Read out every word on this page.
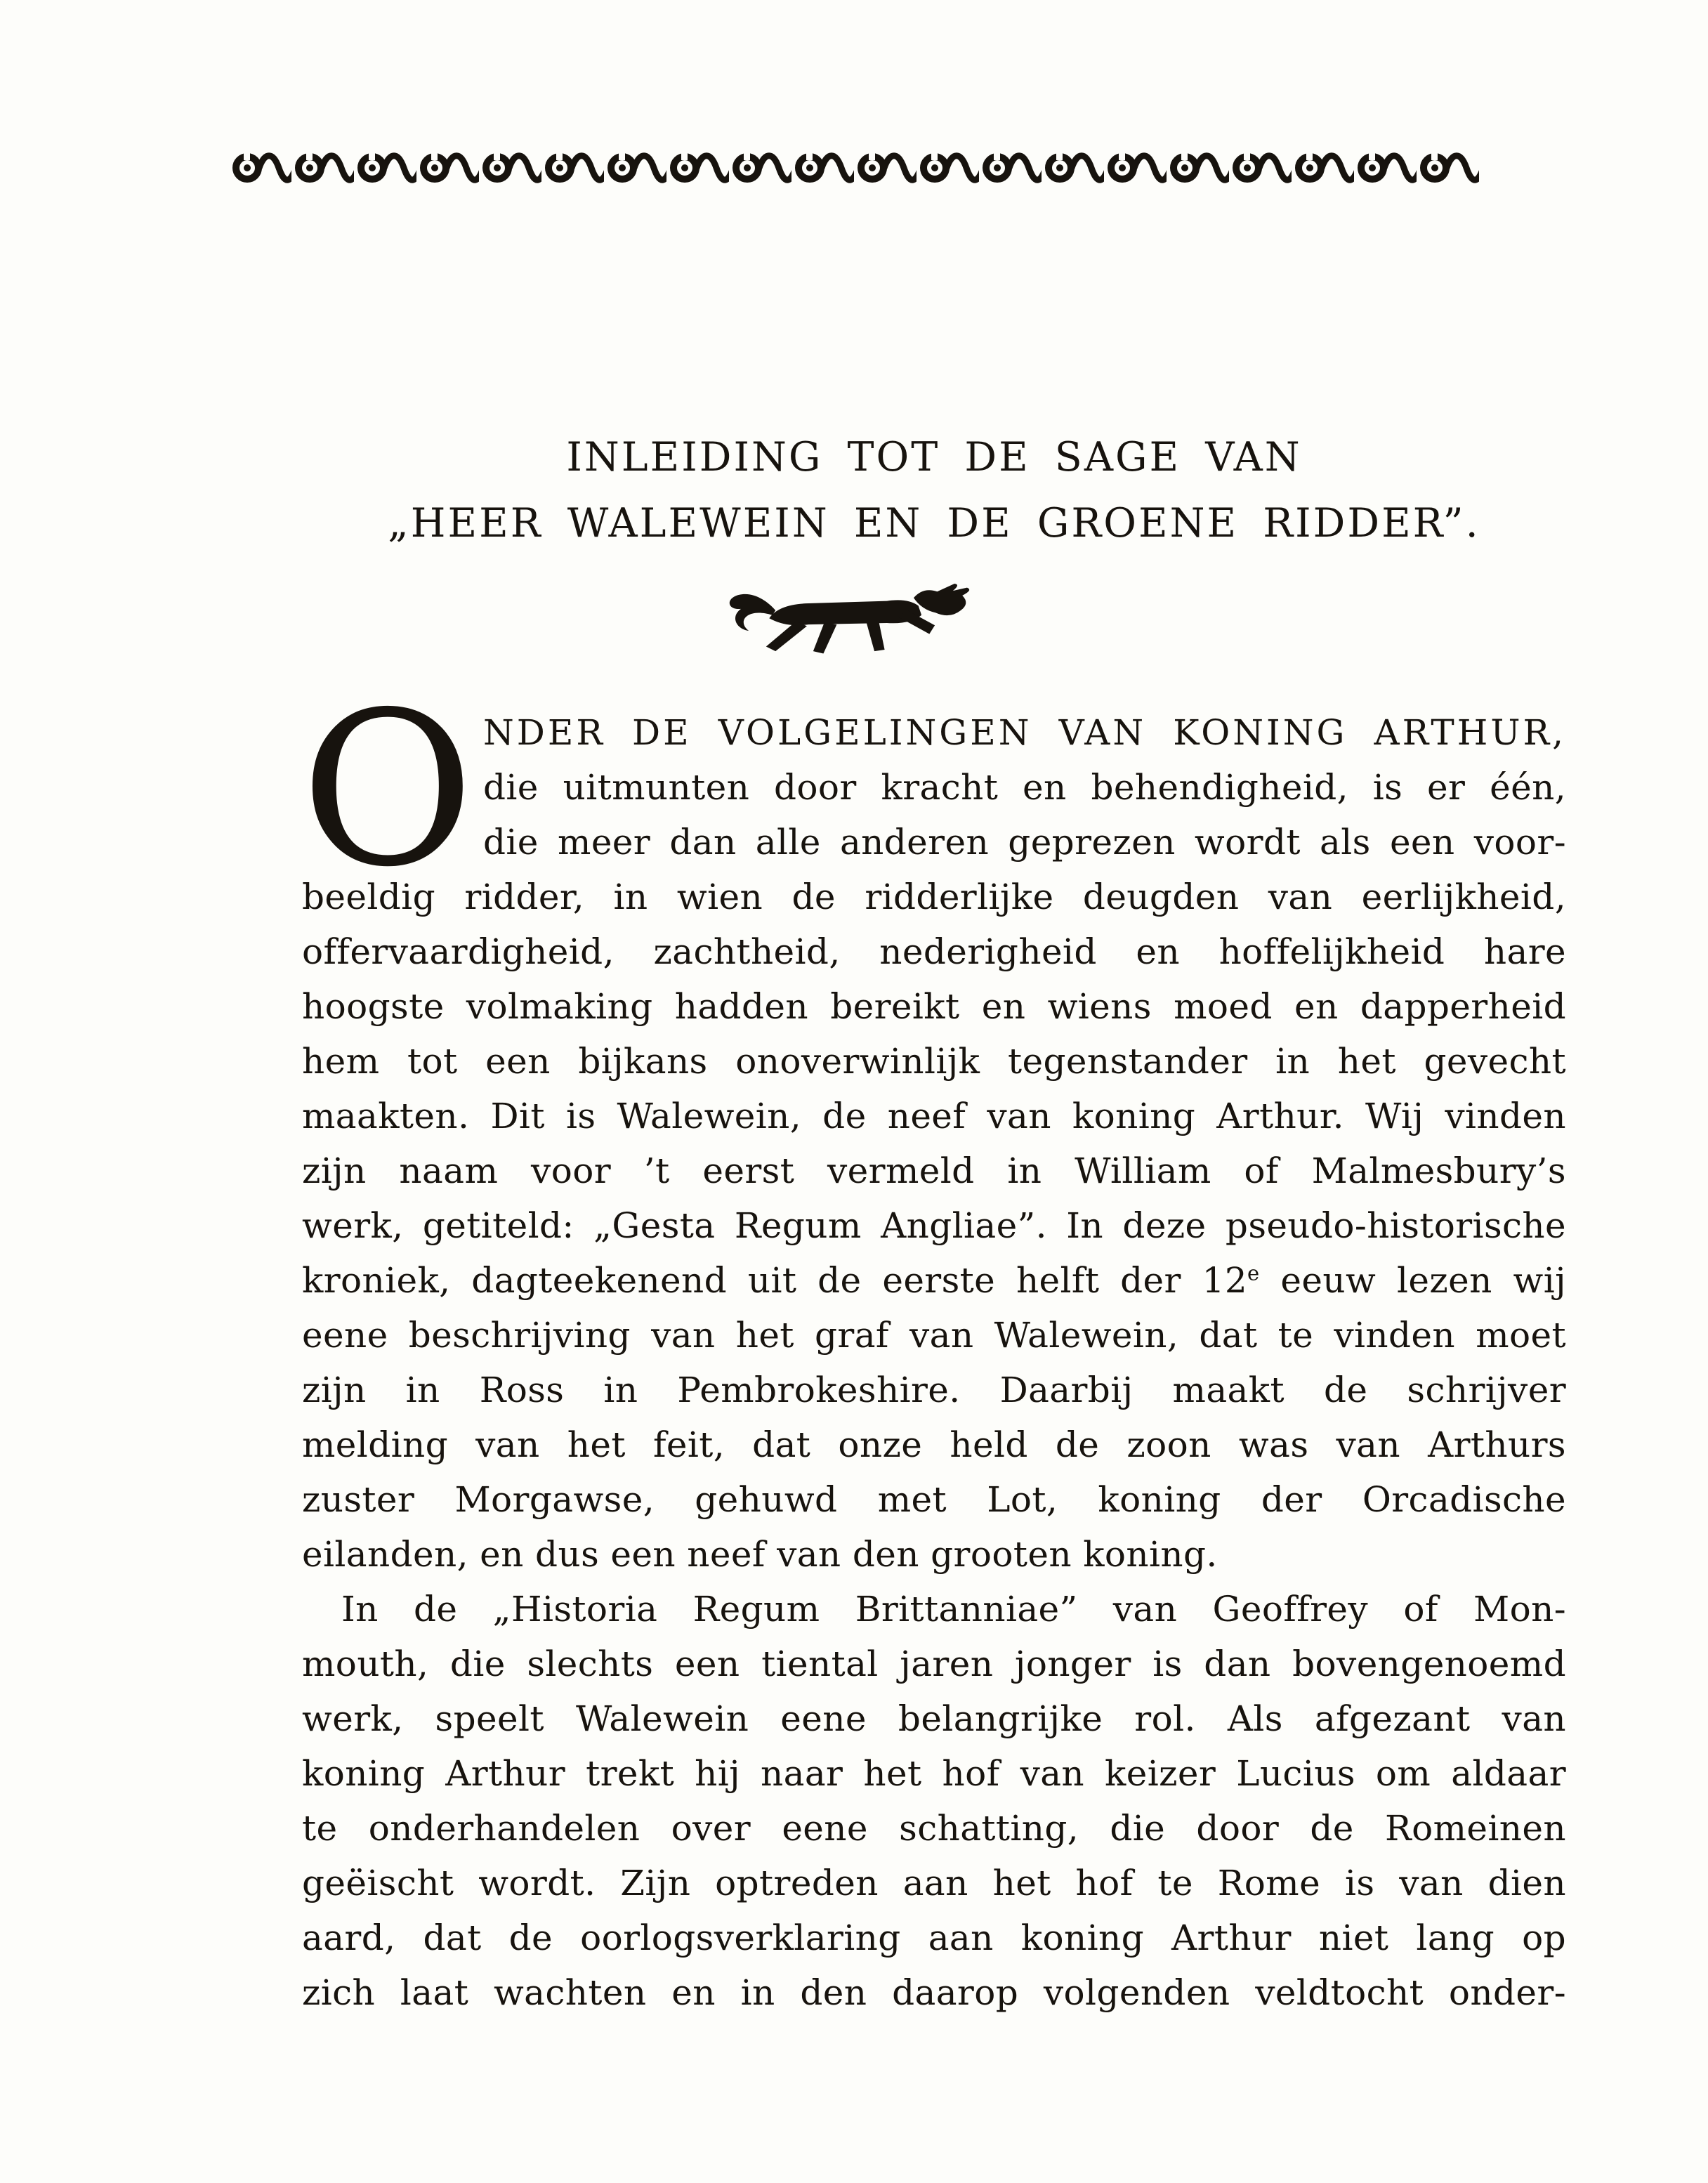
INLEIDING TOT DE SAGE VAN
„HEER WALEWEIN EN DE GROENE RIDDER”.
O NDER DE VOLGELINGEN VAN KONING ARTHUR,
die uitmunten door kracht en behendigheid, is er één,
die meer dan alle anderen geprezen wordt als een voor-
beeldig ridder, in wien de ridderlijke deugden van eerlijkheid,
offervaardigheid, zachtheid, nederigheid en hoffelijkheid hare
hoogste volmaking hadden bereikt en wiens moed en dapperheid
hem tot een bijkans onoverwinlijk tegenstander in het gevecht
maakten. Dit is Walewein, de neef van koning Arthur. Wij vinden
zijn naam voor ’t eerst vermeld in William of Malmesbury’s
werk, getiteld: „Gesta Regum Angliae”. In deze pseudo-historische
kroniek, dagteekenend uit de eerste helft der 12e eeuw lezen wij
eene beschrijving van het graf van Walewein, dat te vinden moet
zijn in Ross in Pembrokeshire. Daarbij maakt de schrijver
melding van het feit, dat onze held de zoon was van Arthurs
zuster Morgawse, gehuwd met Lot, koning der Orcadische
eilanden, en dus een neef van den grooten koning.
In de „Historia Regum Brittanniae” van Geoffrey of Mon-
mouth, die slechts een tiental jaren jonger is dan bovengenoemd
werk, speelt Walewein eene belangrijke rol. Als afgezant van
koning Arthur trekt hij naar het hof van keizer Lucius om aldaar
te onderhandelen over eene schatting, die door de Romeinen
geëischt wordt. Zijn optreden aan het hof te Rome is van dien
aard, dat de oorlogsverklaring aan koning Arthur niet lang op
zich laat wachten en in den daarop volgenden veldtocht onder-
